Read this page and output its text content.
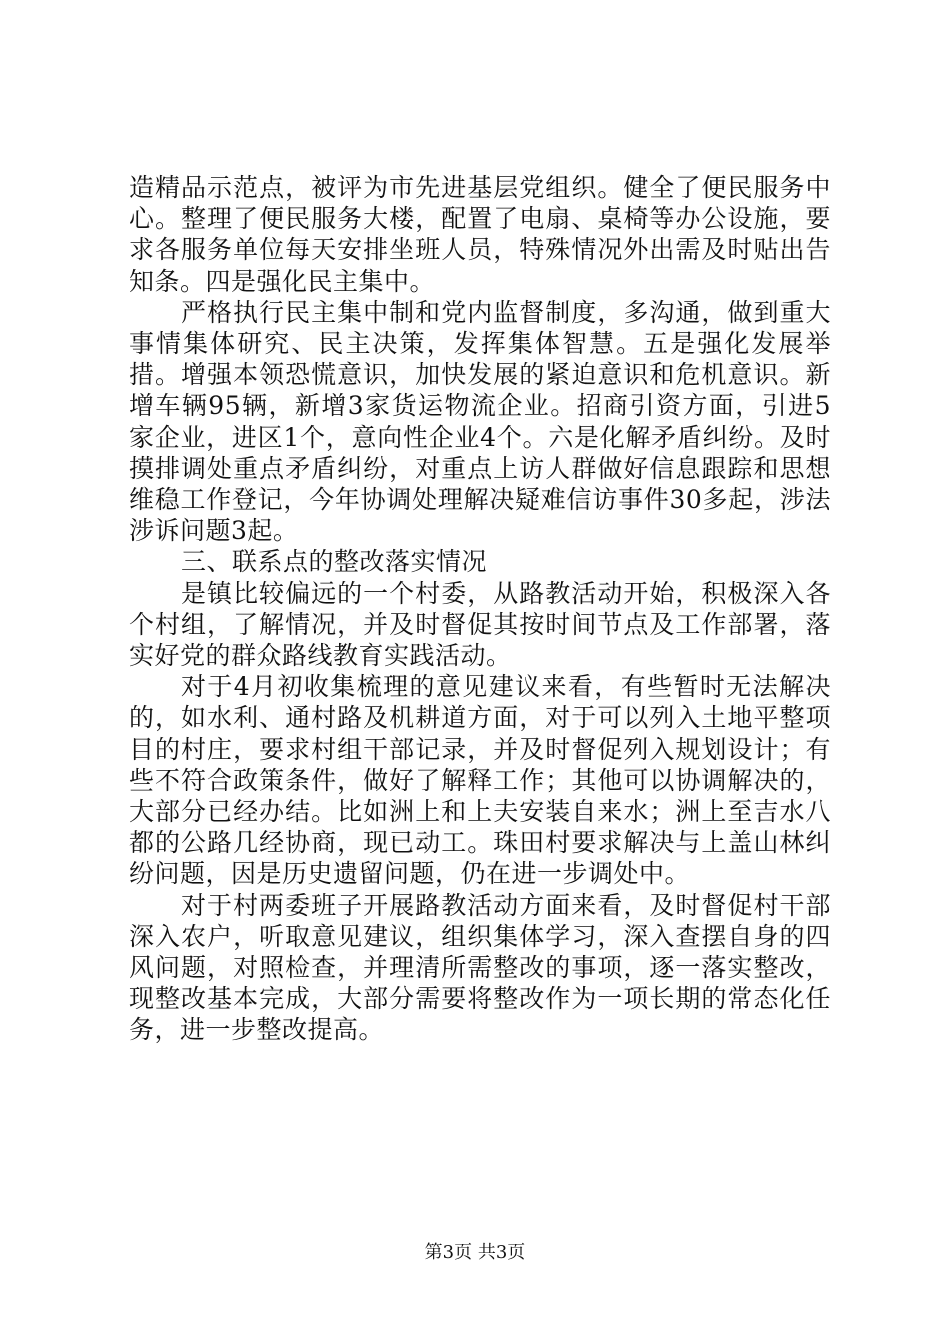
造精品示范点，被评为市先进基层党组织。健全了便民服务中心。整理了便民服务大楼，配置了电扇、桌椅等办公设施，要求各服务单位每天安排坐班人员，特殊情况外出需及时贴出告知条。四是强化民主集中。

严格执行民主集中制和党内监督制度，多沟通，做到重大事情集体研究、民主决策，发挥集体智慧。五是强化发展举措。增强本领恐慌意识，加快发展的紧迫意识和危机意识。新增车辆95辆，新增3家货运物流企业。招商引资方面，引进5家企业，进区1个，意向性企业4个。六是化解矛盾纠纷。及时摸排调处重点矛盾纠纷，对重点上访人群做好信息跟踪和思想维稳工作登记，今年协调处理解决疑难信访事件30多起，涉法涉诉问题3起。

三、联系点的整改落实情况

是镇比较偏远的一个村委，从路教活动开始，积极深入各个村组，了解情况，并及时督促其按时间节点及工作部署，落实好党的群众路线教育实践活动。

对于4月初收集梳理的意见建议来看，有些暂时无法解决的，如水利、通村路及机耕道方面，对于可以列入土地平整项目的村庄，要求村组干部记录，并及时督促列入规划设计；有些不符合政策条件，做好了解释工作；其他可以协调解决的，大部分已经办结。比如洲上和上夫安装自来水；洲上至吉水八都的公路几经协商，现已动工。珠田村要求解决与上盖山林纠纷问题，因是历史遗留问题，仍在进一步调处中。

对于村两委班子开展路教活动方面来看，及时督促村干部深入农户，听取意见建议，组织集体学习，深入查摆自身的四风问题，对照检查，并理清所需整改的事项，逐一落实整改，现整改基本完成，大部分需要将整改作为一项长期的常态化任务，进一步整改提高。

第3页 共3页
